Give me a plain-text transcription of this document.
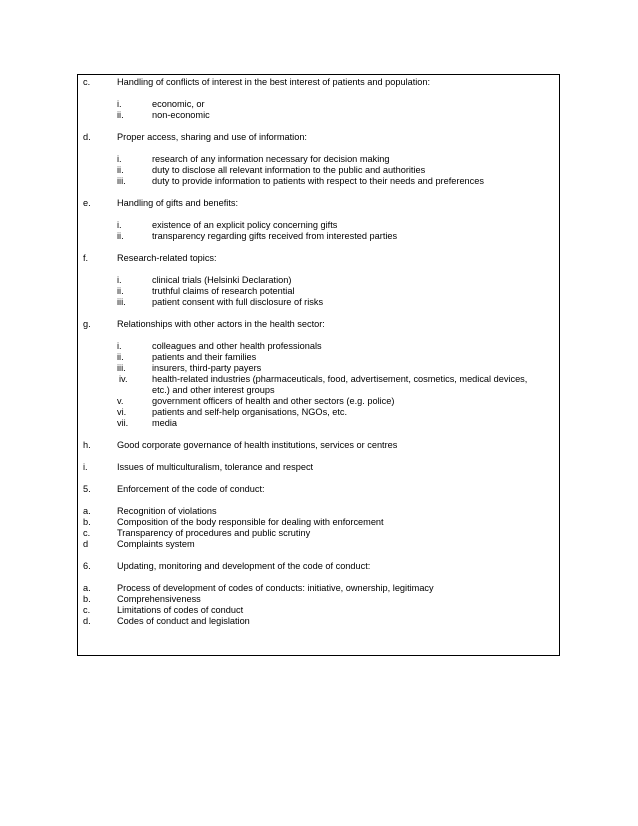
c.	Handling of conflicts of interest in the best interest of patients and population:
i.	economic, or
ii.	non-economic
d.	Proper access, sharing and use of information:
i.	research of any information necessary for decision making
ii.	duty to disclose all relevant information to the public and authorities
iii.	duty to provide information to patients with respect to their needs and preferences
e.	Handling of gifts and benefits:
i.	existence of an explicit policy concerning gifts
ii.	transparency regarding gifts received from interested parties
f.	Research-related topics:
i.	clinical trials (Helsinki Declaration)
ii.	truthful claims of research potential
iii.	patient consent with full disclosure of risks
g.	Relationships with other actors in the health sector:
i.	colleagues and other health professionals
ii.	patients and their families
iii.	insurers, third-party payers
iv.	health-related industries (pharmaceuticals, food, advertisement, cosmetics, medical devices,
etc.) and other interest groups
v.	government officers of health and other sectors (e.g. police)
vi.	patients and self-help organisations, NGOs, etc.
vii.	media
h.	Good corporate governance of health institutions, services or centres
i.	Issues of multiculturalism, tolerance and respect
5.	Enforcement of the code of conduct:
a.	Recognition of violations
b.	Composition of the body responsible for dealing with enforcement
c.	Transparency of procedures and public scrutiny
d	Complaints system
6.	Updating, monitoring and development of the code of conduct:
a.	Process of development of codes of conducts: initiative, ownership, legitimacy
b.	Comprehensiveness
c.	Limitations of codes of conduct
d.	Codes of conduct and legislation
